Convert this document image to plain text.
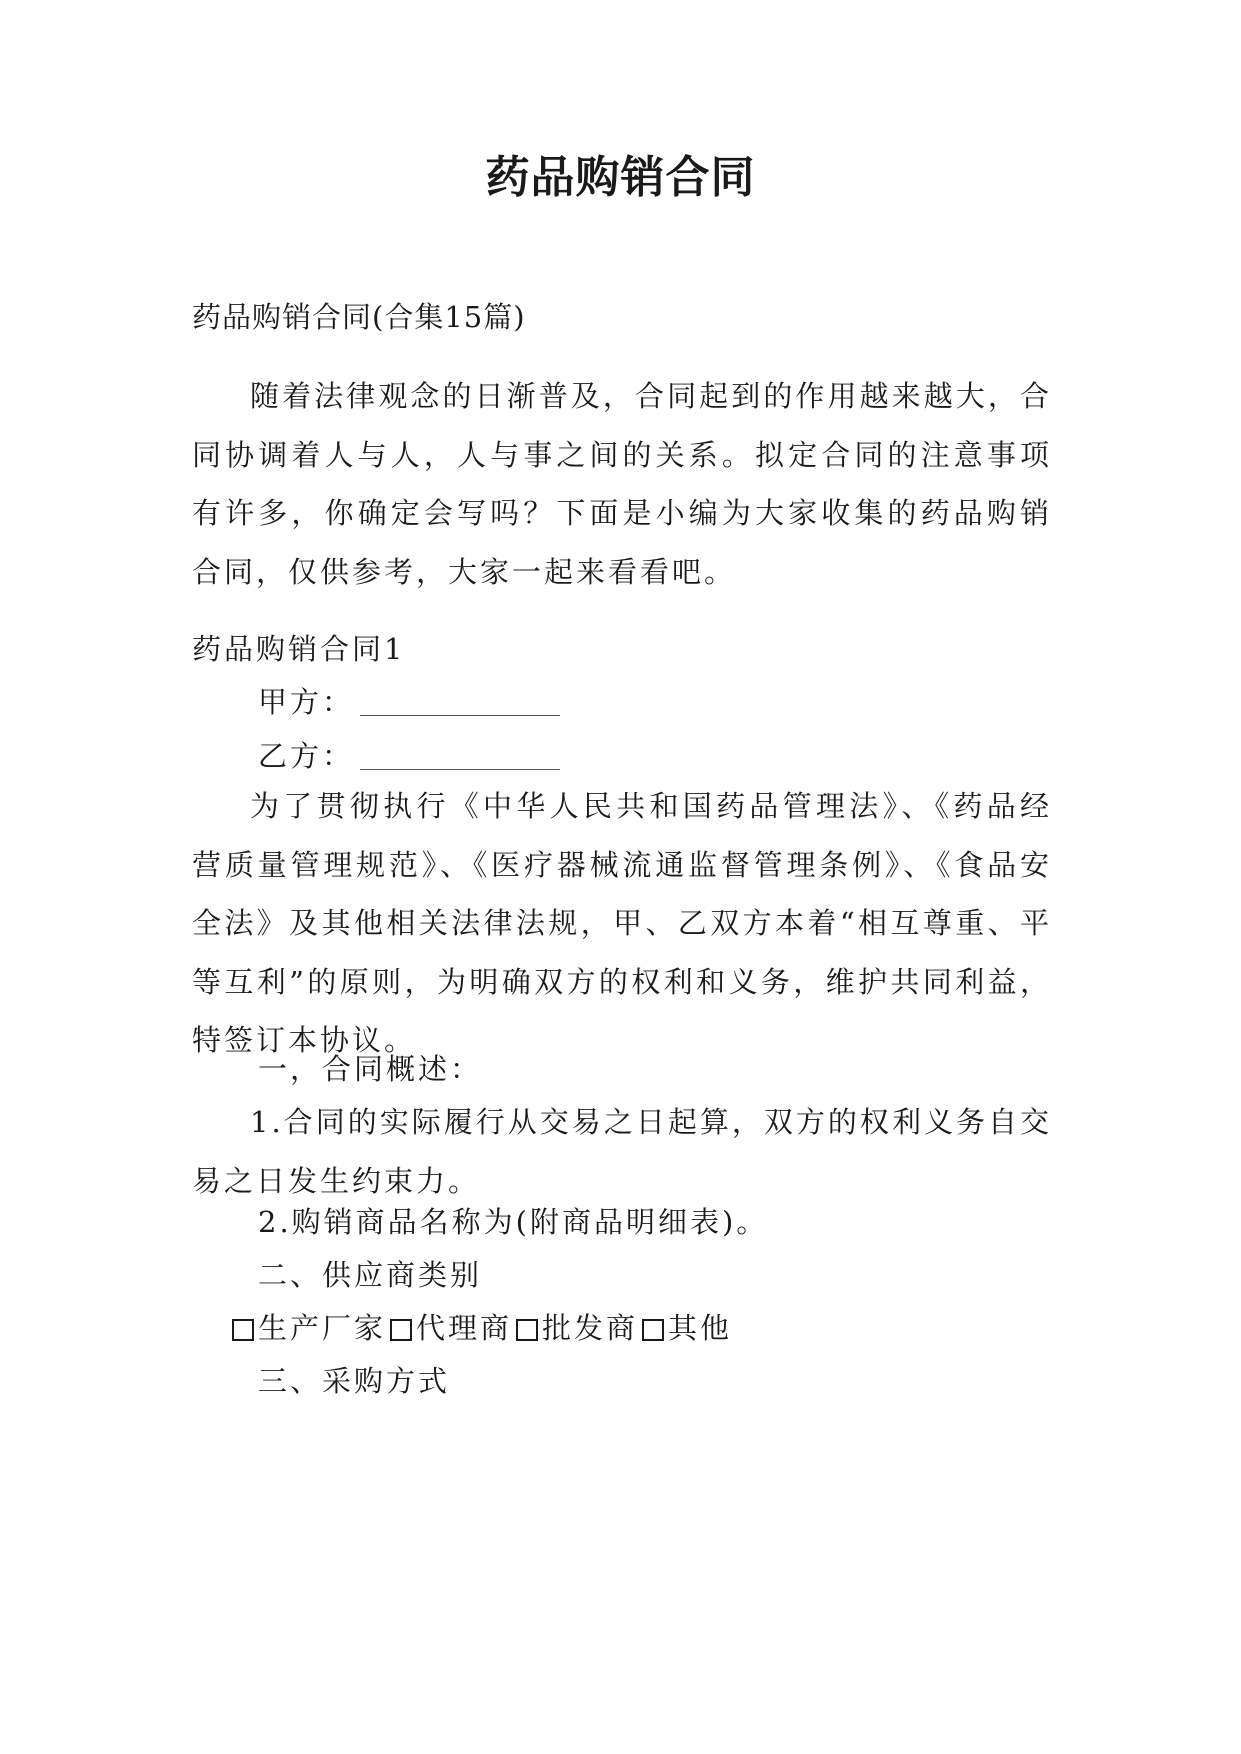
药品购销合同
药品购销合同(合集15篇)

随着法律观念的日渐普及，合同起到的作用越来越大，合同协调着人与人，人与事之间的关系。拟定合同的注意事项有许多，你确定会写吗？下面是小编为大家收集的药品购销合同，仅供参考，大家一起来看看吧。

药品购销合同1
甲方：
乙方：

为了贯彻执行《中华人民共和国药品管理法》、《药品经营质量管理规范》、《医疗器械流通监督管理条例》、《食品安全法》及其他相关法律法规，甲、乙双方本着“相互尊重、平等互利”的原则，为明确双方的权利和义务，维护共同利益，特签订本协议。

一，合同概述：

1.合同的实际履行从交易之日起算，双方的权利义务自交易之日发生约束力。

2.购销商品名称为(附商品明细表)。
二、供应商类别
生产厂家 代理商 批发商 其他
三、采购方式
